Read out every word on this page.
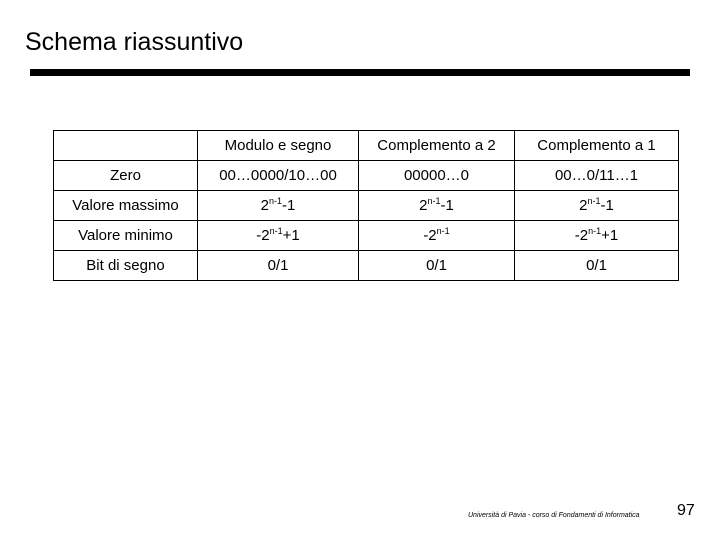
Schema riassuntivo
	Modulo e segno	Complemento a 2	Complemento a 1
Zero	00…0000/10…00	00000…0	00…0/11…1
Valore massimo	2$^{n-1}$-1	2$^{n-1}$-1	2$^{n-1}$-1
Valore minimo	$-2^{n-1}+1$	-2$^{n-1}$	$-2^{n-1}+1$
Bit di segno	0/1	0/1	0/1
Università di Pavia - corso di Fondamenti di Informatica 97
